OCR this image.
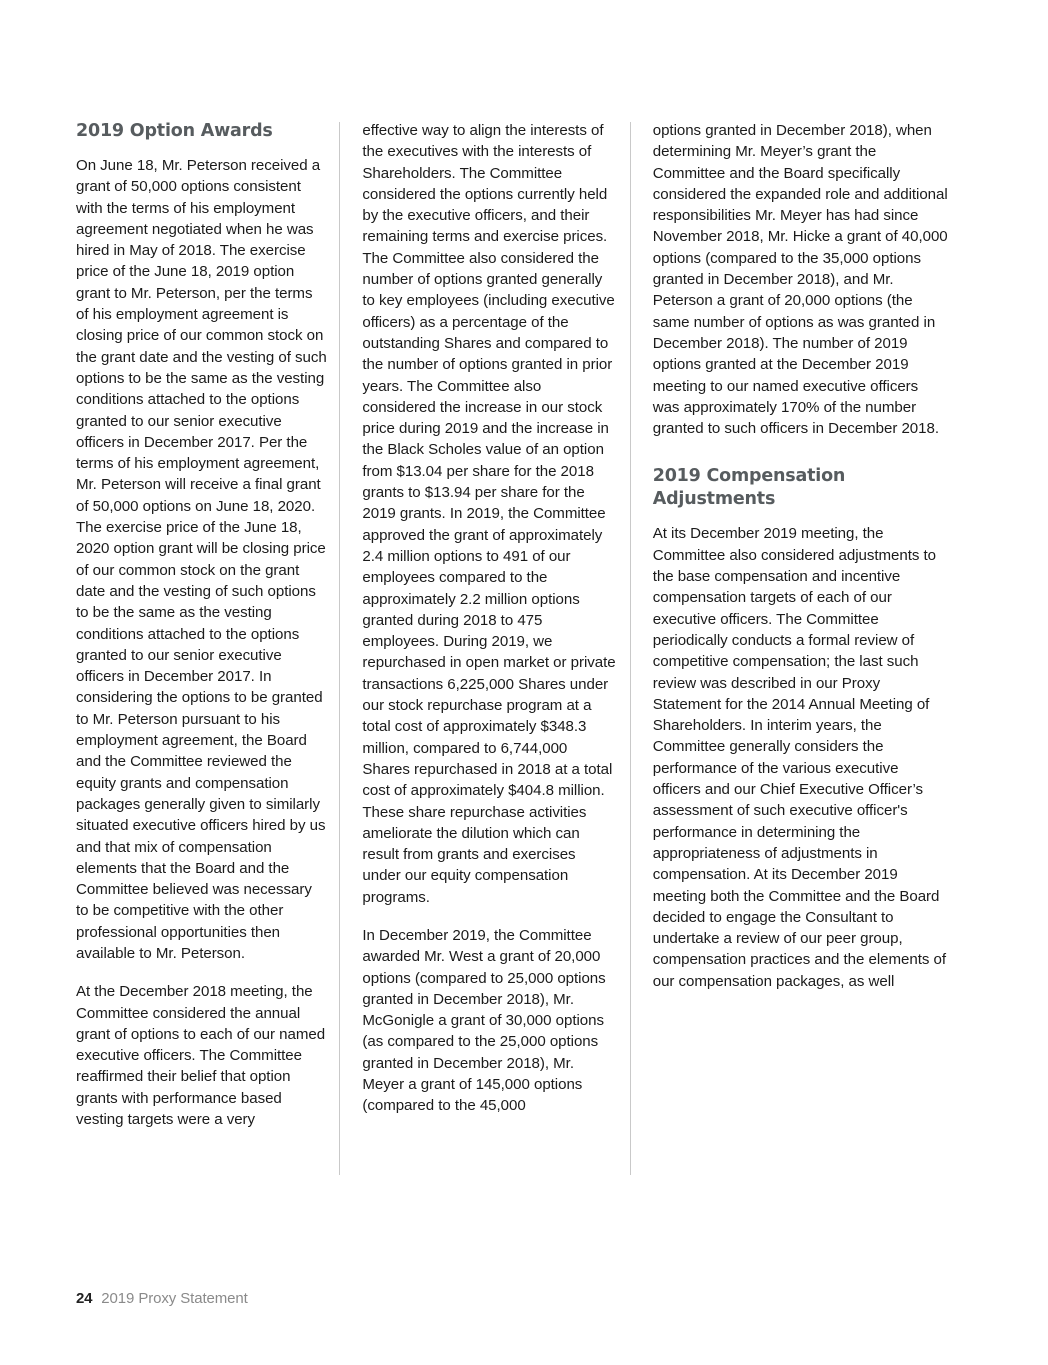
2019 Option Awards

On June 18, Mr. Peterson received a grant of 50,000 options consistent with the terms of his employment agreement negotiated when he was hired in May of 2018. The exercise price of the June 18, 2019 option grant to Mr. Peterson, per the terms of his employment agreement is closing price of our common stock on the grant date and the vesting of such options to be the same as the vesting conditions attached to the options granted to our senior executive officers in December 2017. Per the terms of his employment agreement, Mr. Peterson will receive a final grant of 50,000 options on June 18, 2020. The exercise price of the June 18, 2020 option grant will be closing price of our common stock on the grant date and the vesting of such options to be the same as the vesting conditions attached to the options granted to our senior executive officers in December 2017. In considering the options to be granted to Mr. Peterson pursuant to his employment agreement, the Board and the Committee reviewed the equity grants and compensation packages generally given to similarly situated executive officers hired by us and that mix of compensation elements that the Board and the Committee believed was necessary to be competitive with the other professional opportunities then available to Mr. Peterson.

At the December 2018 meeting, the Committee considered the annual grant of options to each of our named executive officers. The Committee reaffirmed their belief that option grants with performance based vesting targets were a very

effective way to align the interests of the executives with the interests of Shareholders. The Committee considered the options currently held by the executive officers, and their remaining terms and exercise prices. The Committee also considered the number of options granted generally to key employees (including executive officers) as a percentage of the outstanding Shares and compared to the number of options granted in prior years. The Committee also considered the increase in our stock price during 2019 and the increase in the Black Scholes value of an option from $13.04 per share for the 2018 grants to $13.94 per share for the 2019 grants. In 2019, the Committee approved the grant of approximately 2.4 million options to 491 of our employees compared to the approximately 2.2 million options granted during 2018 to 475 employees. During 2019, we repurchased in open market or private transactions 6,225,000 Shares under our stock repurchase program at a total cost of approximately $348.3 million, compared to 6,744,000 Shares repurchased in 2018 at a total cost of approximately $404.8 million. These share repurchase activities ameliorate the dilution which can result from grants and exercises under our equity compensation programs.

In December 2019, the Committee awarded Mr. West a grant of 20,000 options (compared to 25,000 options granted in December 2018), Mr. McGonigle a grant of 30,000 options (as compared to the 25,000 options granted in December 2018), Mr. Meyer a grant of 145,000 options (compared to the 45,000

options granted in December 2018), when determining Mr. Meyer’s grant the Committee and the Board specifically considered the expanded role and additional responsibilities Mr. Meyer has had since November 2018, Mr. Hicke a grant of 40,000 options (compared to the 35,000 options granted in December 2018), and Mr. Peterson a grant of 20,000 options (the same number of options as was granted in December 2018). The number of 2019 options granted at the December 2019 meeting to our named executive officers was approximately 170% of the number granted to such officers in December 2018.

2019 Compensation Adjustments

At its December 2019 meeting, the Committee also considered adjustments to the base compensation and incentive compensation targets of each of our executive officers. The Committee periodically conducts a formal review of competitive compensation; the last such review was described in our Proxy Statement for the 2014 Annual Meeting of Shareholders. In interim years, the Committee generally considers the performance of the various executive officers and our Chief Executive Officer’s assessment of such executive officer's performance in determining the appropriateness of adjustments in compensation. At its December 2019 meeting both the Committee and the Board decided to engage the Consultant to undertake a review of our peer group, compensation practices and the elements of our compensation packages, as well

24 2019 Proxy Statement
